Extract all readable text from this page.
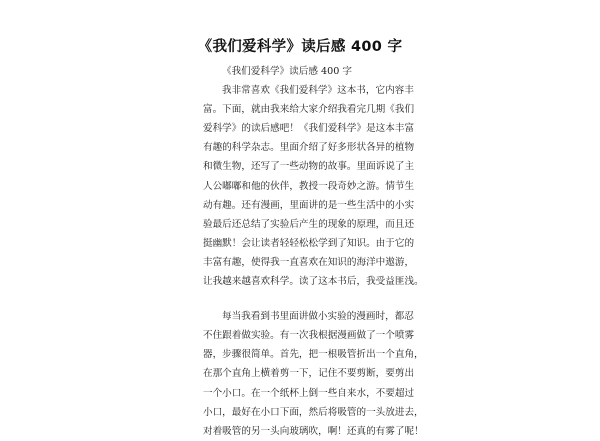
《我们爱科学》读后感 400 字
《我们爱科学》读后感 400 字
我非常喜欢《我们爱科学》这本书，它内容丰
富。下面，就由我来给大家介绍我看完几期《我们
爱科学》的读后感吧！《我们爱科学》是这本丰富
有趣的科学杂志。里面介绍了好多形状各异的植物
和微生物，还写了一些动物的故事。里面诉说了主
人公嘟嘟和他的伙伴，教授一段奇妙之游。情节生
动有趣。还有漫画，里面讲的是一些生活中的小实
验最后还总结了实验后产生的现象的原理，而且还
挺幽默！会让读者轻轻松松学到了知识。由于它的
丰富有趣，使得我一直喜欢在知识的海洋中遨游，
让我越来越喜欢科学。读了这本书后，我受益匪浅。
每当我看到书里面讲做小实验的漫画时，都忍
不住跟着做实验。有一次我根据漫画做了一个喷雾
器，步骤很简单。首先，把一根吸管折出一个直角，
在那个直角上横着剪一下，记住不要剪断，要剪出
一个小口。在一个纸杯上倒一些自来水，不要超过
小口，最好在小口下面，然后将吸管的一头放进去，
对着吸管的另一头向玻璃吹，啊！还真的有雾了呢！
